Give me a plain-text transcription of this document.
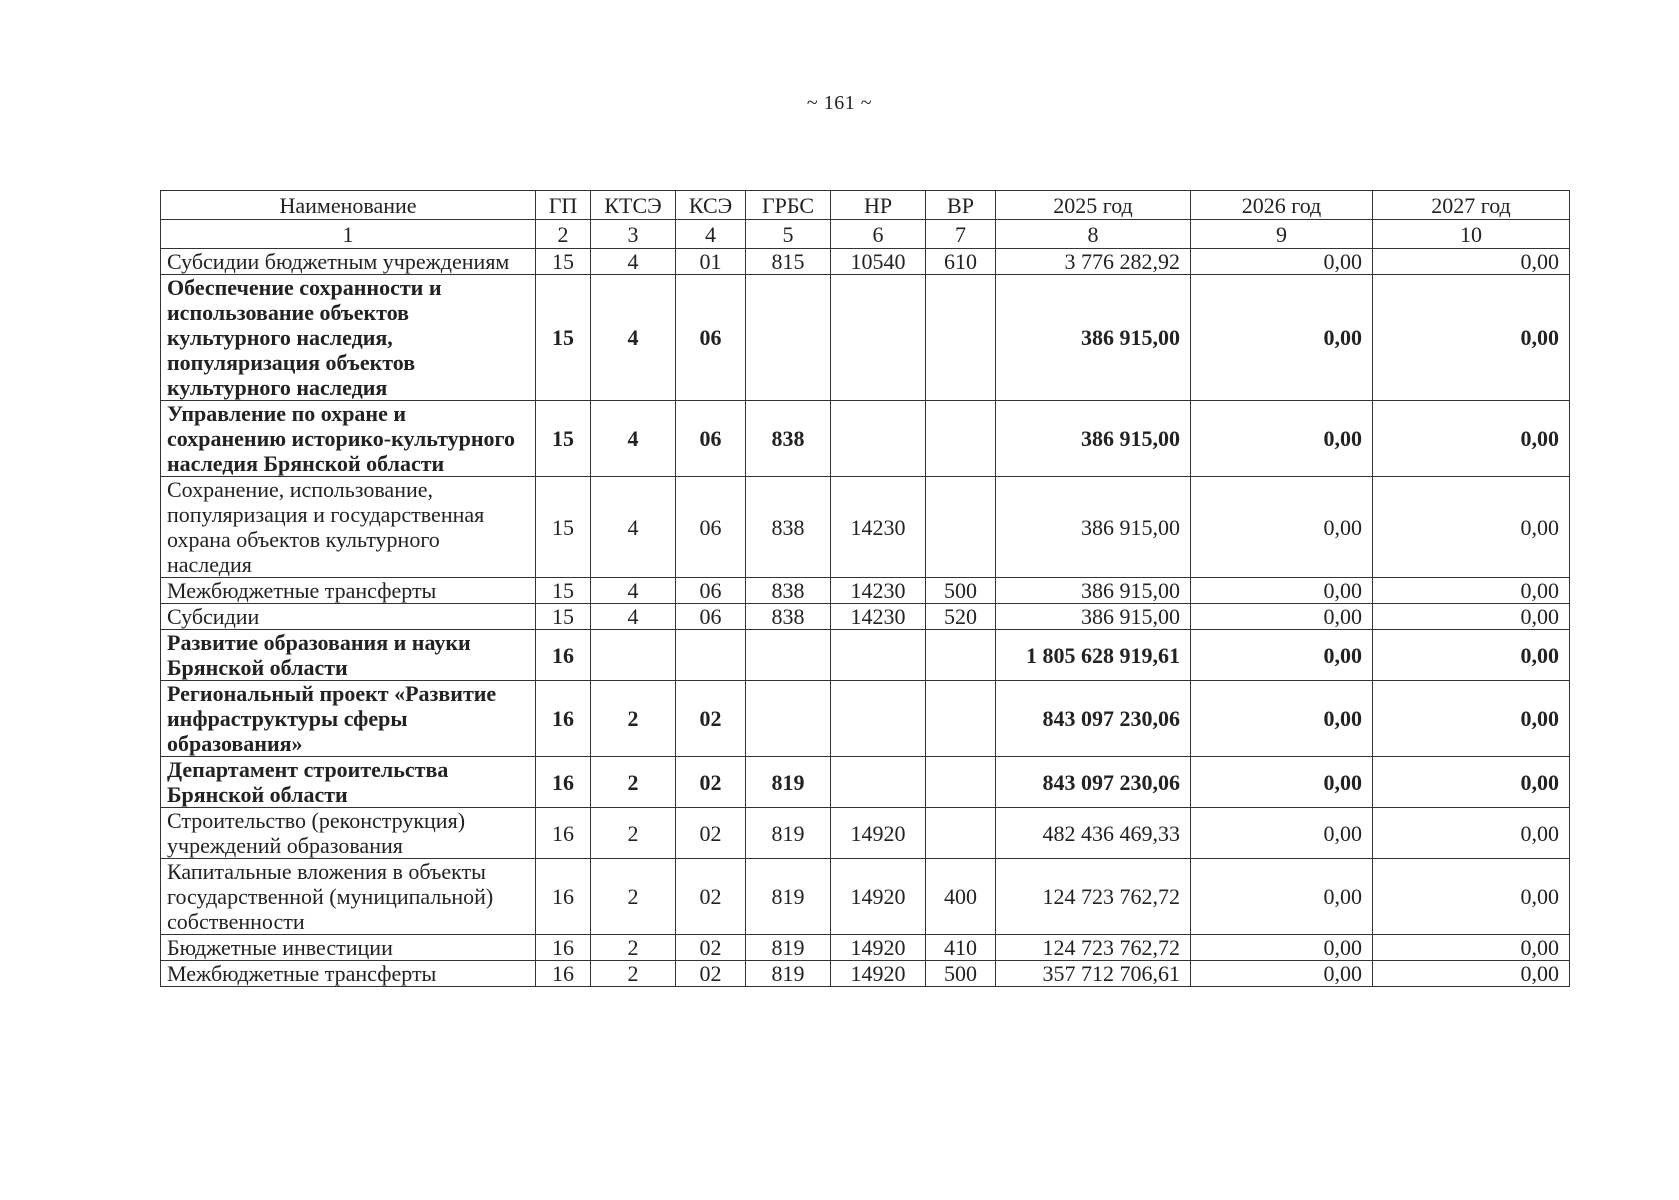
~ 161 ~
Наименование	ГП	КТСЭ	КСЭ	ГРБС	НР	ВР	2025 год	2026 год	2027 год
1	2	3	4	5	6	7	8	9	10
Субсидии бюджетным учреждениям	15	4	01	815	10540	610	3 776 282,92	0,00	0,00
Обеспечение сохранности и использование объектов культурного наследия, популяризация объектов культурного наследия	15	4	06				386 915,00	0,00	0,00
Управление по охране и сохранению историко-культурного наследия Брянской области	15	4	06	838			386 915,00	0,00	0,00
Сохранение, использование, популяризация и государственная охрана объектов культурного наследия	15	4	06	838	14230		386 915,00	0,00	0,00
Межбюджетные трансферты	15	4	06	838	14230	500	386 915,00	0,00	0,00
Субсидии	15	4	06	838	14230	520	386 915,00	0,00	0,00
Развитие образования и науки Брянской области	16						1 805 628 919,61	0,00	0,00
Региональный проект «Развитие инфраструктуры сферы образования»	16	2	02				843 097 230,06	0,00	0,00
Департамент строительства Брянской области	16	2	02	819			843 097 230,06	0,00	0,00
Строительство (реконструкция) учреждений образования	16	2	02	819	14920		482 436 469,33	0,00	0,00
Капитальные вложения в объекты государственной (муниципальной) собственности	16	2	02	819	14920	400	124 723 762,72	0,00	0,00
Бюджетные инвестиции	16	2	02	819	14920	410	124 723 762,72	0,00	0,00
Межбюджетные трансферты	16	2	02	819	14920	500	357 712 706,61	0,00	0,00
